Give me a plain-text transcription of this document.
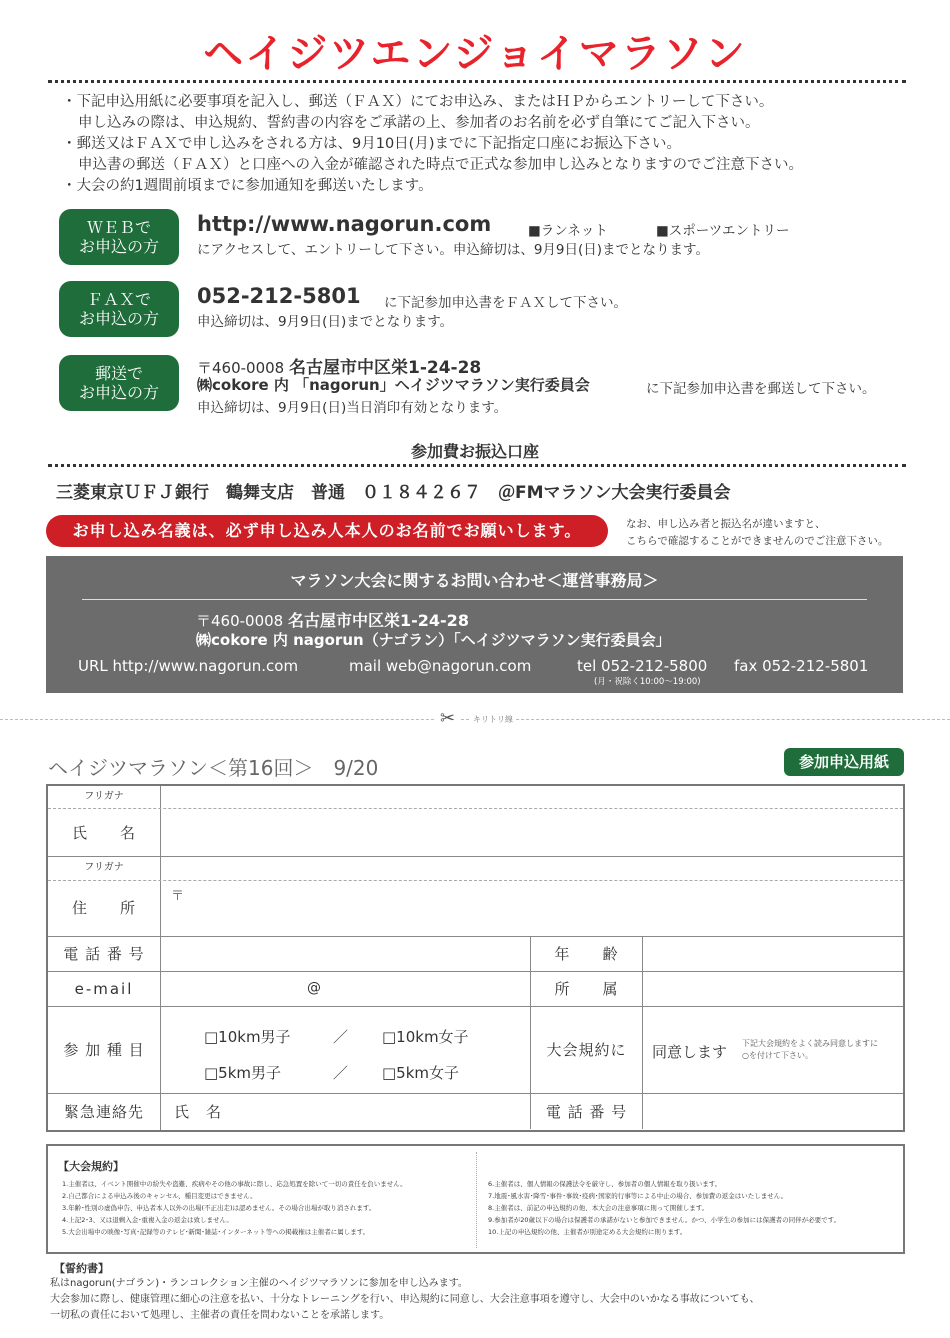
ヘイジツエンジョイマラソン

・下記申込用紙に必要事項を記入し、郵送（ＦＡＸ）にてお申込み、またはＨＰからエントリーして下さい。

申し込みの際は、申込規約、誓約書の内容をご承諾の上、参加者のお名前を必ず自筆にてご記入下さい。

・郵送又はＦＡＸで申し込みをされる方は、9月10日(月)までに下記指定口座にお振込下さい。

申込書の郵送（ＦＡＸ）と口座への入金が確認された時点で正式な参加申し込みとなりますのでご注意下さい。

・大会の約1週間前頃までに参加通知を郵送いたします。

ＷＥＢで
お申込の方
http://www.nagorun.com	■ランネット	■スポーツエントリー
にアクセスして、エントリーして下さい。申込締切は、9月9日(日)までとなります。
ＦＡＸで
お申込の方
052-212-5801 に下記参加申込書をＦＡＸして下さい。
申込締切は、9月9日(日)までとなります。
郵送で
お申込の方
〒460-0008 名古屋市中区栄1-24-28
㈱cokore 内 「nagorun」ヘイジツマラソン実行委員会	に下記参加申込書を郵送して下さい。
申込締切は、9月9日(日)当日消印有効となります。
参加費お振込口座
三菱東京ＵＦＪ銀行　鶴舞支店　普通　０１８４２６７　＠FMマラソン大会実行委員会
お申し込み名義は、必ず申し込み人本人のお名前でお願いします。	なお、申し込み者と振込名が違いますと、
こちらで確認することができませんのでご注意下さい。
マラソン大会に関するお問い合わせ＜運営事務局＞
〒460-0008 名古屋市中区栄1-24-28
㈱cokore 内 nagorun（ナゴラン）「ヘイジツマラソン実行委員会」
URL http://www.nagorun.com	mail web@nagorun.com	tel 052-212-5800 fax 052-212-5801
(月・祝除く10:00〜19:00)
✂	キリトリ線
ヘイジツマラソン＜第16回＞　9/20	参加申込用紙
フリガナ
氏　　名
フリガナ
住　　所
〒
電 話 番 号	年　　齢
e-mail	@	所　　属
参 加 種 目
□10km男子	／ □10km女子
□5km男子	／ □5km女子
大会規約に	同意します 下記大会規約をよく読み同意しますに
○を付けて下さい。
緊急連絡先	氏　名	電 話 番 号
【大会規約】

1.主催者は、イベント開催中の紛失や盗難、疾病やその他の事故に際し、応急処置を除いて一切の責任を負いません。

2.自己都合による申込み後のキャンセル、種目変更はできません。

3.年齢･性別の虚偽申告、申込者本人以外の出場(不正出走)は認めません。その場合出場が取り消されます。

4.上記2･3、又は退剰入金･重複入金の返金は致しません。

5.大会出場中の映像･写真･記録等のテレビ･新聞･雑誌･インターネット等への掲載権は主催者に属します。

6.主催者は、個人情報の保護法令を厳守し、参加者の個人情報を取り扱います。

7.地震･風水害･降雪･事件･事故･疫病･国家的行事等による中止の場合、参加費の返金はいたしません。

8.主催者は、前記の申込規約の他、本大会の注意事項に則って開催します。

9.参加者が20歳以下の場合は保護者の承諾がないと参加できません。かつ、小学生の参加には保護者の同伴が必要です。

10.上記の申込規約の他、主催者が別途定める大会規約に則ります。

【誓約書】

私はnagorun(ナゴラン)・ランコレクション主催のヘイジツマラソンに参加を申し込みます。

大会参加に際し、健康管理に細心の注意を払い、十分なトレーニングを行い、申込規約に同意し、大会注意事項を遵守し、大会中のいかなる事故についても、

一切私の責任において処理し、主催者の責任を問わないことを承諾します。
